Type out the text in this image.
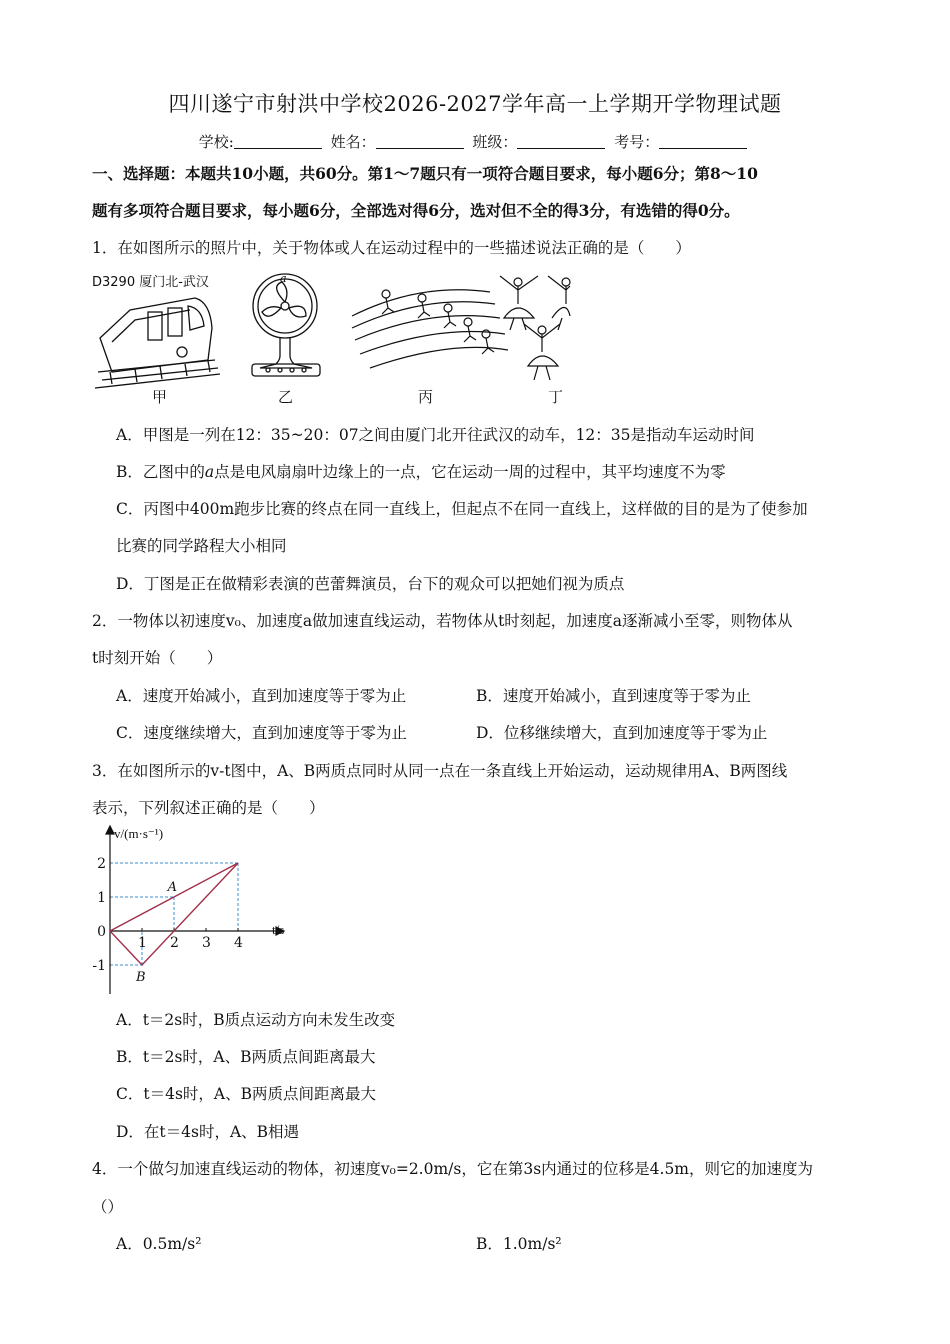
四川遂宁市射洪中学校2026-2027学年高一上学期开学物理试题
学校:	姓名：	班级：	考号：
一、选择题：本题共10小题，共60分。第1～7题只有一项符合题目要求，每小题6分；第8～10
题有多项符合题目要求，每小题6分，全部选对得6分，选对但不全的得3分，有选错的得0分。
1．在如图所示的照片中，关于物体或人在运动过程中的一些描述说法正确的是（　　）
D3290 厦门北-武汉	a
甲	乙	丙	丁
A．甲图是一列在12：35~20：07之间由厦门北开往武汉的动车，12：35是指动车运动时间
B．乙图中的a点是电风扇扇叶边缘上的一点，它在运动一周的过程中，其平均速度不为零
C．丙图中400m跑步比赛的终点在同一直线上，但起点不在同一直线上，这样做的目的是为了使参加
比赛的同学路程大小相同
D．丁图是正在做精彩表演的芭蕾舞演员，台下的观众可以把她们视为质点
2．一物体以初速度v₀、加速度a做加速直线运动，若物体从t时刻起，加速度a逐渐减小至零，则物体从
t时刻开始（　　）
A．速度开始减小，直到加速度等于零为止	B．速度开始减小，直到速度等于零为止
C．速度继续增大，直到加速度等于零为止	D．位移继续增大，直到加速度等于零为止
3．在如图所示的v-t图中，A、B两质点同时从同一点在一条直线上开始运动，运动规律用A、B两图线
表示，下列叙述正确的是（　　）
v/(m·s⁻¹)
t/s
1 2 3 4
2
1
0
-1
A
B
A．t＝2s时，B质点运动方向未发生改变
B．t＝2s时，A、B两质点间距离最大
C．t＝4s时，A、B两质点间距离最大
D．在t＝4s时，A、B相遇
4．一个做匀加速直线运动的物体，初速度v₀=2.0m/s，它在第3s内通过的位移是4.5m，则它的加速度为
（）
A．0.5m/s²	B．1.0m/s²
